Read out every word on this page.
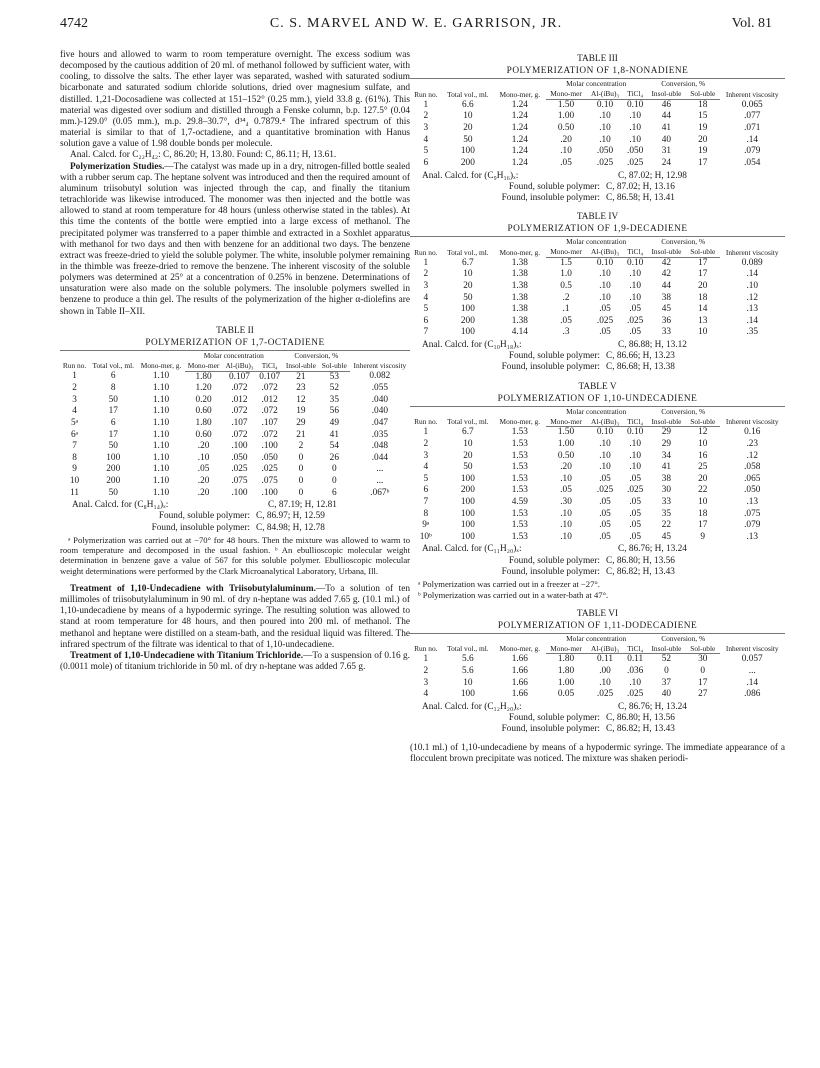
4742	C. S. MARVEL AND W. E. GARRISON, JR.	Vol. 81

five hours and allowed to warm to room temperature overnight. The excess sodium was decomposed by the cautious addition of 20 ml. of methanol followed by sufficient water, with cooling, to dissolve the salts. The ether layer was separated, washed with saturated sodium bicarbonate and saturated sodium chloride solutions, dried over magnesium sulfate, and distilled. 1,21-Docosadiene was collected at 151–152° (0.25 mm.), yield 33.8 g. (61%). This material was digested over sodium and distilled through a Fenske column, b.p. 127.5° (0.04 mm.)-129.0° (0.05 mm.), m.p. 29.8–30.7°, d³⁴₄ 0.7879.⁴ The infrared spectrum of this material is similar to that of 1,7-octadiene, and a quantitative bromination with Hanus solution gave a value of 1.98 double bonds per molecule.

Anal. Calcd. for C₂₂H₄₂: C, 86.20; H, 13.80. Found: C, 86.11; H, 13.61.

Polymerization Studies.—The catalyst was made up in a dry, nitrogen-filled bottle sealed with a rubber serum cap. The heptane solvent was introduced and then the required amount of aluminum triisobutyl solution was injected through the cap, and finally the titanium tetrachloride was likewise introduced. The monomer was then injected and the bottle was allowed to stand at room temperature for 48 hours (unless otherwise stated in the tables). At this time the contents of the bottle were emptied into a large excess of methanol. The precipitated polymer was transferred to a paper thimble and extracted in a Soxhlet apparatus with methanol for two days and then with benzene for an additional two days. The benzene extract was freeze-dried to yield the soluble polymer. The white, insoluble polymer remaining in the thimble was freeze-dried to remove the benzene. The inherent viscosity of the soluble polymers was determined at 25° at a concentration of 0.25% in benzene. Determinations of unsaturation were also made on the soluble polymers. The insoluble polymers swelled in benzene to produce a thin gel. The results of the polymerization of the higher α-diolefins are shown in Table II–XII.

TABLE II

POLYMERIZATION OF 1,7-OCTADIENE

Run no.	Total vol., ml.	Mono-mer, g.	Molar concentration			Conversion, %		Inherent viscosity
			Mono-mer	Al-(iBu)₃	TiCl₄	Insol-uble	Sol-uble	
1	6	1.10	1.80	0.107	0.107	21	53	0.082
2	8	1.10	1.20	.072	.072	23	52	.055
3	50	1.10	0.20	.012	.012	12	35	.040
4	17	1.10	0.60	.072	.072	19	56	.040
5ᵃ	6	1.10	1.80	.107	.107	29	49	.047
6ᵃ	17	1.10	0.60	.072	.072	21	41	.035
7	50	1.10	.20	.100	.100	2	54	.048
8	100	1.10	.10	.050	.050	0	26	.044
9	200	1.10	.05	.025	.025	0	0	...
10	200	1.10	.20	.075	.075	0	0	...
11	50	1.10	.20	.100	.100	0	6	.067ᵇ
Anal. Calcd. for (C₈H₁₄)ₓ:	C, 87.19; H, 12.81
Found, soluble polymer: C, 86.97; H, 12.59
Found, insoluble polymer: C, 84.98; H, 12.78

ᵃ Polymerization was carried out at −70° for 48 hours. Then the mixture was allowed to warm to room temperature and decomposed in the usual fashion. ᵇ An ebullioscopic molecular weight determination in benzene gave a value of 567 for this soluble polymer. Ebullioscopic molecular weight determinations were performed by the Clark Microanalytical Laboratory, Urbana, Ill.

Treatment of 1,10-Undecadiene with Triisobutylaluminum.—To a solution of ten millimoles of triisobutylaluminum in 90 ml. of dry n-heptane was added 7.65 g. (10.1 ml.) of 1,10-undecadiene by means of a hypodermic syringe. The resulting solution was allowed to stand at room temperature for 48 hours, and then poured into 200 ml. of methanol. The methanol and heptane were distilled on a steam-bath, and the residual liquid was filtered. The infrared spectrum of the filtrate was identical to that of 1,10-undecadiene.

Treatment of 1,10-Undecadiene with Titanium Trichloride.—To a suspension of 0.16 g. (0.0011 mole) of titanium trichloride in 50 ml. of dry n-heptane was added 7.65 g.

TABLE III

POLYMERIZATION OF 1,8-NONADIENE

Run no.	Total vol., ml.	Mono-mer, g.	Molar concentration			Conversion, %		Inherent viscosity
			Mono-mer	Al-(iBu)₃	TiCl₄	Insol-uble	Sol-uble	
1	6.6	1.24	1.50	0.10	0.10	46	18	0.065
2	10	1.24	1.00	.10	.10	44	15	.077
3	20	1.24	0.50	.10	.10	41	19	.071
4	50	1.24	.20	.10	.10	40	20	.14
5	100	1.24	.10	.050	.050	31	19	.079
6	200	1.24	.05	.025	.025	24	17	.054
Anal. Calcd. for (C₉H₁₆)ₓ:	C, 87.02; H, 12.98
Found, soluble polymer: C, 87.02; H, 13.16
Found, insoluble polymer: C, 86.58; H, 13.41

TABLE IV

POLYMERIZATION OF 1,9-DECADIENE

Run no.	Total vol., ml.	Mono-mer, g.	Molar concentration			Conversion, %		Inherent viscosity
			Mono-mer	Al-(iBu)₃	TiCl₄	Insol-uble	Sol-uble	
1	6.7	1.38	1.5	0.10	0.10	42	17	0.089
2	10	1.38	1.0	.10	.10	42	17	.14
3	20	1.38	0.5	.10	.10	44	20	.10
4	50	1.38	.2	.10	.10	38	18	.12
5	100	1.38	.1	.05	.05	45	14	.13
6	200	1.38	.05	.025	.025	36	13	.14
7	100	4.14	.3	.05	.05	33	10	.35
Anal. Calcd. for (C₁₀H₁₈)ₓ:	C, 86.88; H, 13.12
Found, soluble polymer: C, 86.66; H, 13.23
Found, insoluble polymer: C, 86.68; H, 13.38

TABLE V

POLYMERIZATION OF 1,10-UNDECADIENE

Run no.	Total vol., ml.	Mono-mer, g.	Molar concentration			Conversion, %		Inherent viscosity
			Mono-mer	Al-(iBu)₃	TiCl₄	Insol-uble	Sol-uble	
1	6.7	1.53	1.50	0.10	0.10	29	12	0.16
2	10	1.53	1.00	.10	.10	29	10	.23
3	20	1.53	0.50	.10	.10	34	16	.12
4	50	1.53	.20	.10	.10	41	25	.058
5	100	1.53	.10	.05	.05	38	20	.065
6	200	1.53	.05	.025	.025	30	22	.050
7	100	4.59	.30	.05	.05	33	10	.13
8	100	1.53	.10	.05	.05	35	18	.075
9ᵃ	100	1.53	.10	.05	.05	22	17	.079
10ᵇ	100	1.53	.10	.05	.05	45	9	.13
Anal. Calcd. for (C₁₁H₂₀)ₓ:	C, 86.76; H, 13.24
Found, soluble polymer: C, 86.80; H, 13.56
Found, insoluble polymer: C, 86.82; H, 13.43

ᵃ Polymerization was carried out in a freezer at −27°.

ᵇ Polymerization was carried out in a water-bath at 47°.

TABLE VI

POLYMERIZATION OF 1,11-DODECADIENE

Run no.	Total vol., ml.	Mono-mer, g.	Molar concentration			Conversion, %		Inherent viscosity
			Mono-mer	Al-(iBu)₃	TiCl₄	Insol-uble	Sol-uble	
1	5.6	1.66	1.80	0.11	0.11	52	30	0.057
2	5.6	1.66	1.80	.00	.036	0	0	...
3	10	1.66	1.00	.10	.10	37	17	.14
4	100	1.66	0.05	.025	.025	40	27	.086
Anal. Calcd. for (C₁₂H₂₀)ₓ:	C, 86.76; H, 13.24
Found, soluble polymer: C, 86.80; H, 13.56
Found, insoluble polymer: C, 86.82; H, 13.43

(10.1 ml.) of 1,10-undecadiene by means of a hypodermic syringe. The immediate appearance of a flocculent brown precipitate was noticed. The mixture was shaken periodi-
